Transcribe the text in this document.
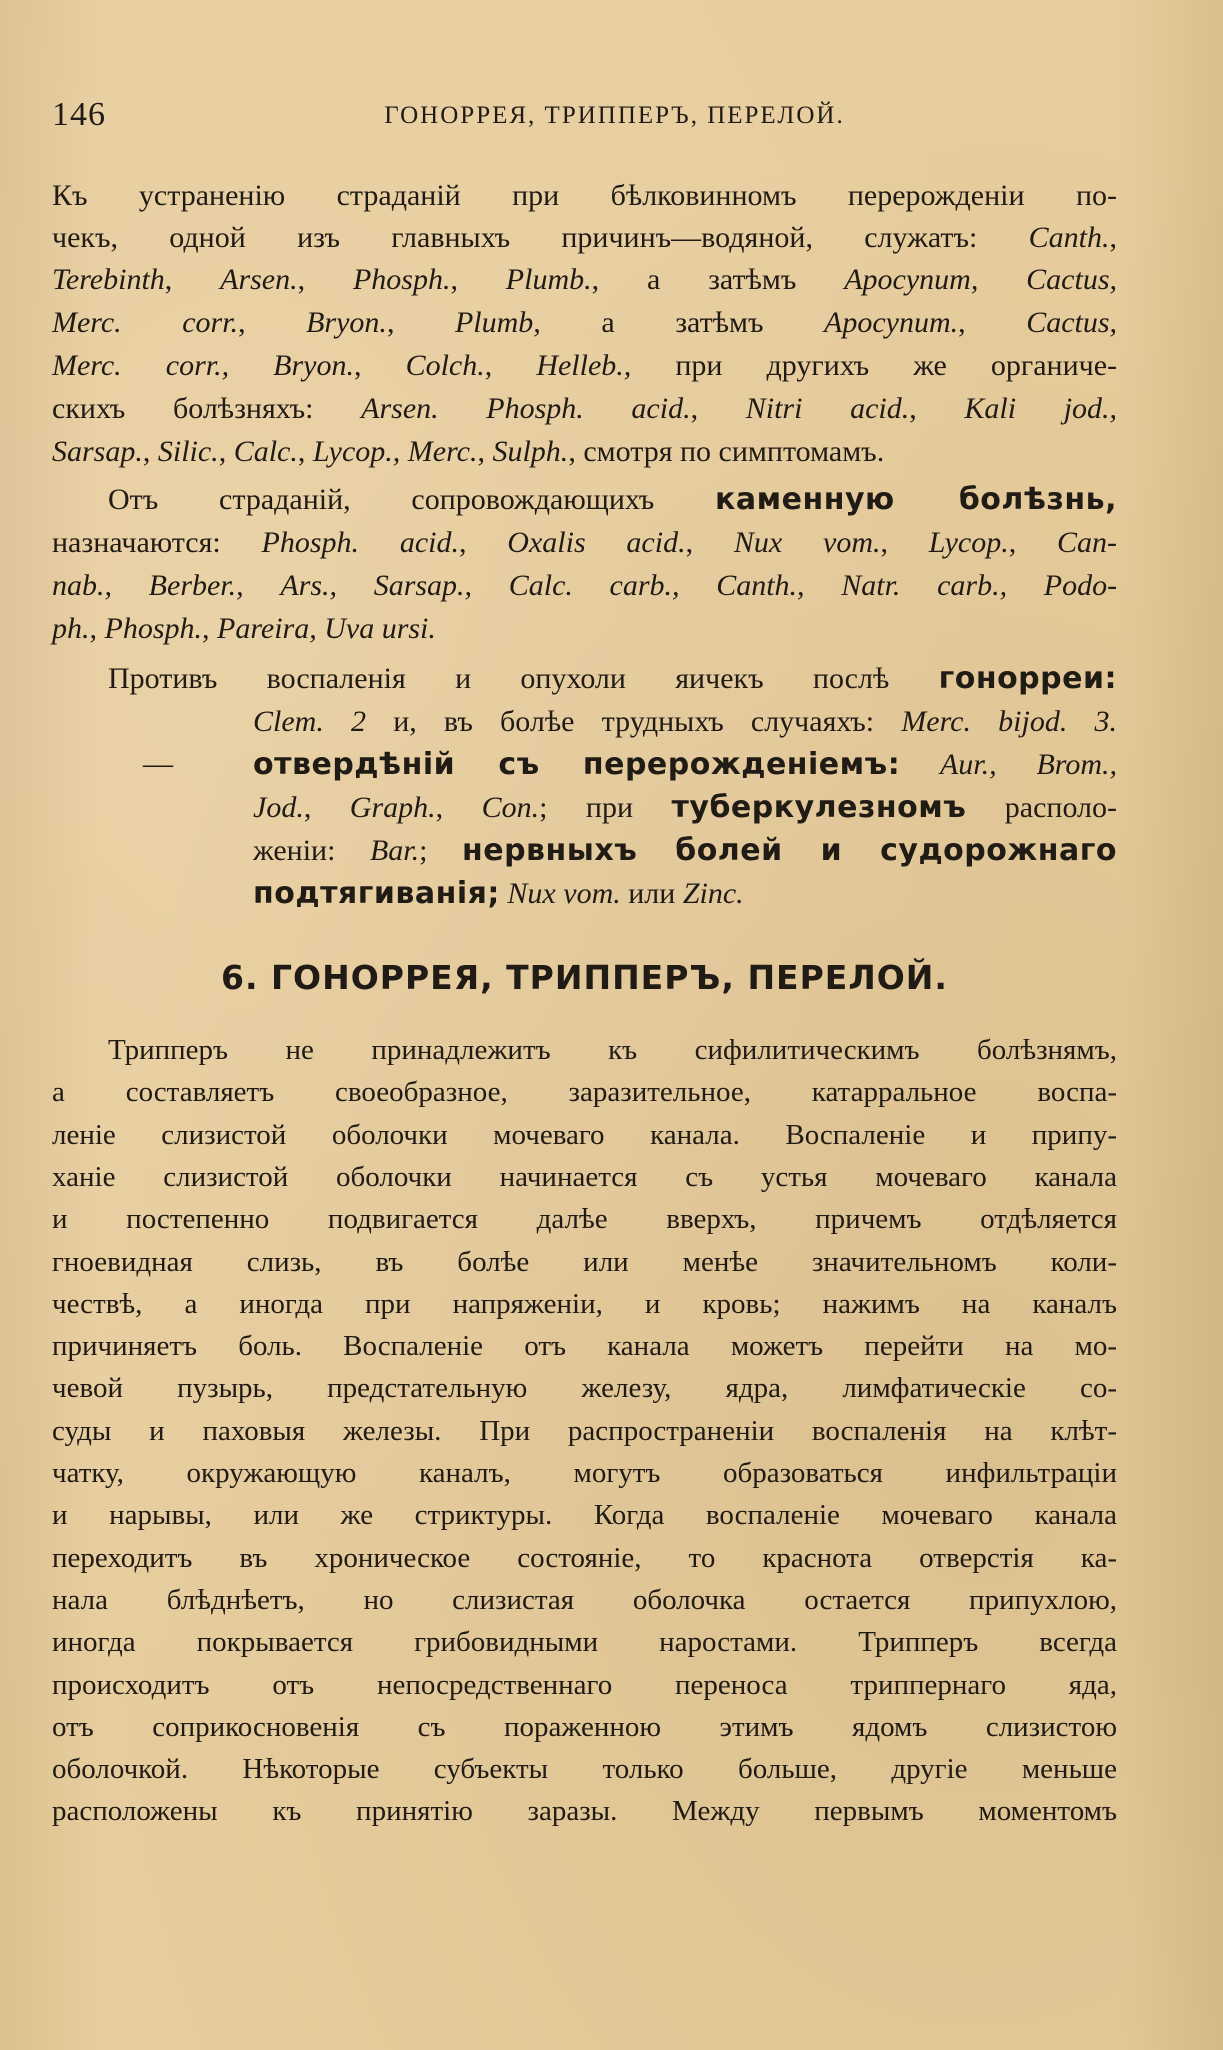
146	ГОНОРРЕЯ, ТРИППЕРЪ, ПЕРЕЛОЙ.
Къ устраненію страданій при бѣлковинномъ перерожденіи по-
чекъ, одной изъ главныхъ причинъ—водяной, служатъ: Canth.,
Terebinth, Arsen., Phosph., Plumb., а затѣмъ Apocynum, Cactus,
Merc. corr., Bryon., Plumb, а затѣмъ Apocynum., Cactus,
Merc. corr., Bryon., Colch., Helleb., при другихъ же органиче-
скихъ болѣзняхъ: Arsen. Phosph. acid., Nitri acid., Kali jod.,
Sarsap., Silic., Calc., Lycop., Merc., Sulph., смотря по симптомамъ.
Отъ страданій, сопровождающихъ каменную болѣзнь,
назначаются: Phosph. acid., Oxalis acid., Nux vom., Lycop., Can-
nab., Berber., Ars., Sarsap., Calc. carb., Canth., Natr. carb., Podo-
ph., Phosph., Pareira, Uva ursi.
Противъ воспаленія и опухоли яичекъ послѣ гонорреи:
Clem. 2 и, въ болѣе трудныхъ случаяхъ: Merc. bijod. 3.
—	отвердѣній съ перерожденіемъ: Aur., Brom.,
Jod., Graph., Con.; при туберкулезномъ располо-
женіи: Bar.; нервныхъ болей и судорожнаго
подтягиванія; Nux vom. или Zinc.
6. ГОНОРРЕЯ, ТРИППЕРЪ, ПЕРЕЛОЙ.
Трипперъ не принадлежитъ къ сифилитическимъ болѣзнямъ,
а составляетъ своеобразное, заразительное, катарральное воспа-
леніе слизистой оболочки мочеваго канала. Воспаленіе и припу-
ханіе слизистой оболочки начинается съ устья мочеваго канала
и постепенно подвигается далѣе вверхъ, причемъ отдѣляется
гноевидная слизь, въ болѣе или менѣе значительномъ коли-
чествѣ, а иногда при напряженіи, и кровь; нажимъ на каналъ
причиняетъ боль. Воспаленіе отъ канала можетъ перейти на мо-
чевой пузырь, предстательную железу, ядра, лимфатическіе со-
суды и паховыя железы. При распространеніи воспаленія на клѣт-
чатку, окружающую каналъ, могутъ образоваться инфильтраціи
и нарывы, или же стриктуры. Когда воспаленіе мочеваго канала
переходитъ въ хроническое состояніе, то краснота отверстія ка-
нала блѣднѣетъ, но слизистая оболочка остается припухлою,
иногда покрывается грибовидными наростами. Трипперъ всегда
происходитъ отъ непосредственнаго переноса триппернаго яда,
отъ соприкосновенія съ пораженною этимъ ядомъ слизистою
оболочкой. Нѣкоторые субъекты только больше, другіе меньше
расположены къ принятію заразы. Между первымъ моментомъ
